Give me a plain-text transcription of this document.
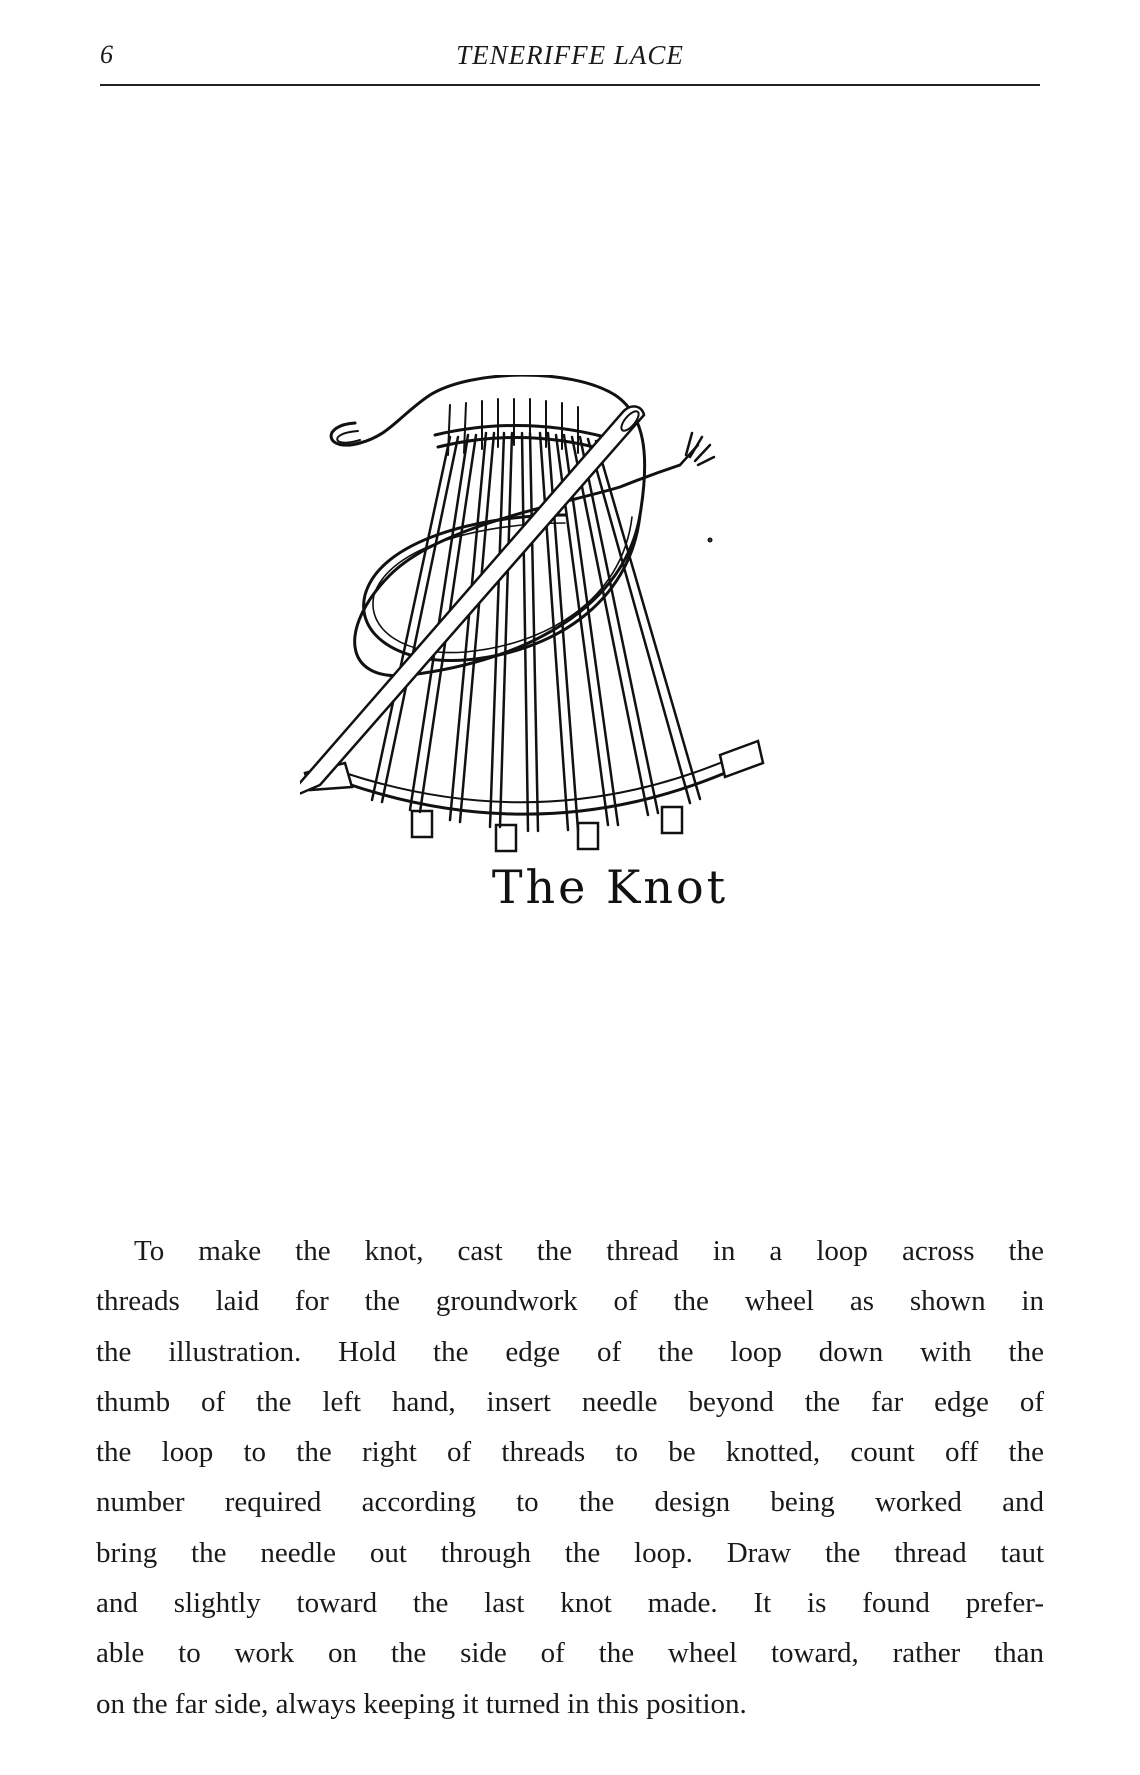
6	TENERIFFE LACE
The Knot
To make the knot, cast the thread in a loop across the
threads laid for the groundwork of the wheel as shown in
the illustration. Hold the edge of the loop down with the
thumb of the left hand, insert needle beyond the far edge of
the loop to the right of threads to be knotted, count off the
number required according to the design being worked and
bring the needle out through the loop. Draw the thread taut
and slightly toward the last knot made. It is found prefer-
able to work on the side of the wheel toward, rather than
on the far side, always keeping it turned in this position.
